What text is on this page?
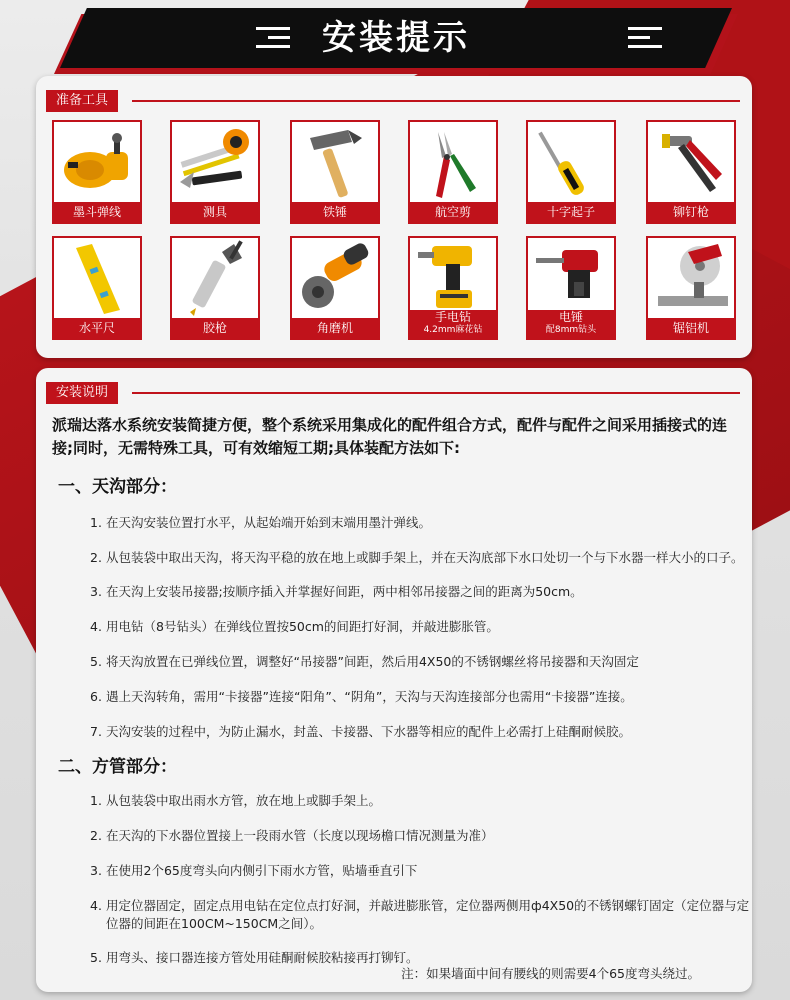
安装提示
准备工具
墨斗弹线	测具	铁锤	航空剪	十字起子	铆钉枪
水平尺	胶枪	角磨机
手电钻
4.2mm麻花钻
电锤
配8mm钻头	锯铝机
安装说明
派瑞达落水系统安装简捷方便，整个系统采用集成化的配件组合方式，配件与配件之间采用插接式的连接;同时，无需特殊工具，可有效缩短工期;具体装配方法如下:
一、天沟部分：
1. 在天沟安装位置打水平，从起始端开始到末端用墨汁弹线。
2. 从包装袋中取出天沟，将天沟平稳的放在地上或脚手架上，并在天沟底部下水口处切一个与下水器一样大小的口子。
3. 在天沟上安装吊接器;按顺序插入并掌握好间距，两中相邻吊接器之间的距离为50cm。
4. 用电钻（8号钻头）在弹线位置按50cm的间距打好洞，并敲进膨胀管。
5. 将天沟放置在已弹线位置，调整好“吊接器”间距，然后用4X50的不锈钢螺丝将吊接器和天沟固定
6. 遇上天沟转角，需用“卡接器”连接“阳角”、“阴角”，天沟与天沟连接部分也需用“卡接器”连接。
7. 天沟安装的过程中，为防止漏水，封盖、卡接器、下水器等相应的配件上必需打上硅酮耐候胶。
二、方管部分：
1. 从包装袋中取出雨水方管，放在地上或脚手架上。
2. 在天沟的下水器位置接上一段雨水管（长度以现场檐口情况测量为准）
3. 在使用2个65度弯头向内侧引下雨水方管，贴墙垂直引下
4. 用定位器固定，固定点用电钻在定位点打好洞，并敲进膨胀管，定位器两侧用ф4X50的不锈钢螺钉固定（定位器与定位器的间距在100CM~150CM之间）。
5. 用弯头、接口器连接方管处用硅酮耐候胶粘接再打铆钉。
注：如果墙面中间有腰线的则需要4个65度弯头绕过。
